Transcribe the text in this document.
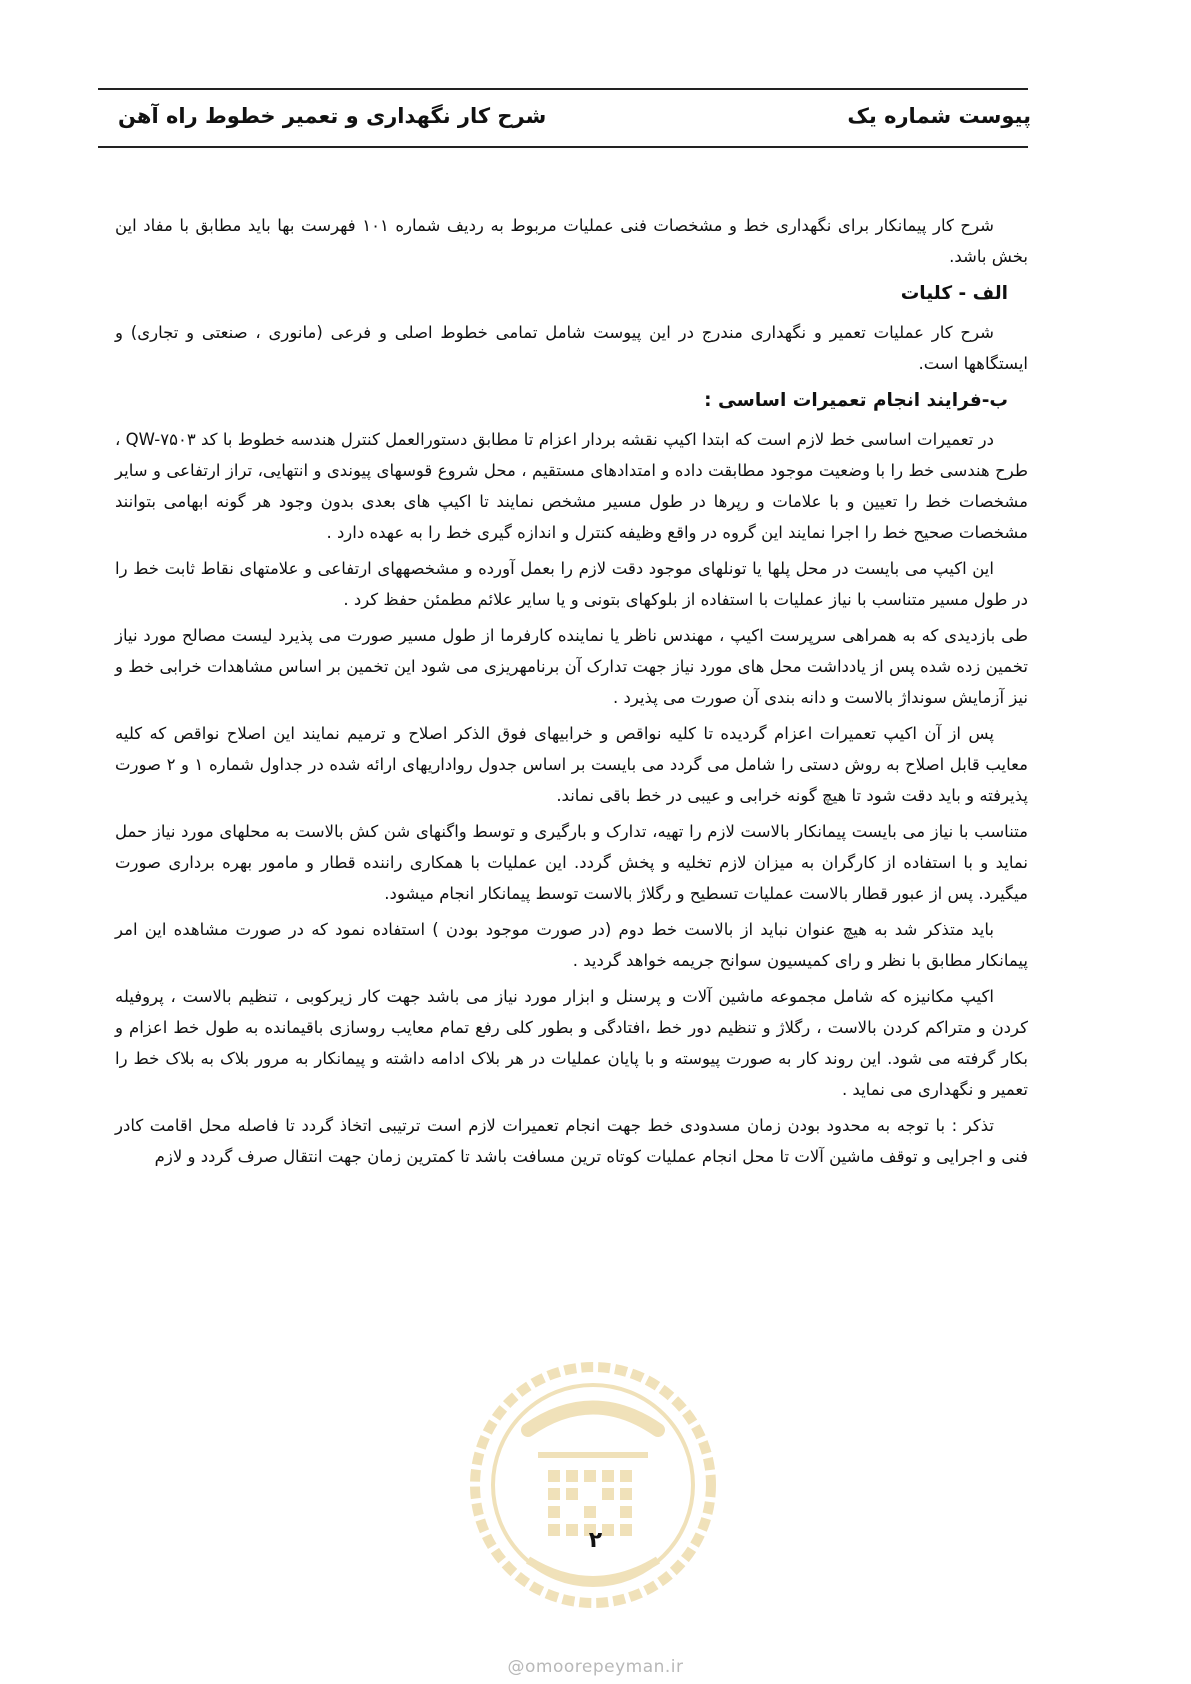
پیوست شماره یک
شرح کار نگهداری و تعمیر خطوط راه آهن

شرح کار پیمانکار برای نگهداری خط و مشخصات فنی عملیات مربوط به ردیف شماره ۱۰۱ فهرست بها باید مطابق با مفاد این بخش باشد.

الف - کلیات

شرح کار عملیات تعمیر و نگهداری مندرج در این پیوست شامل تمامی خطوط اصلی و فرعی (مانوری ، صنعتی و تجاری) و ایستگاهها است.

ب-فرایند انجام تعمیرات اساسی :

در تعمیرات اساسی خط لازم است که ابتدا اکیپ نقشه بردار اعزام تا مطابق دستورالعمل کنترل هندسه خطوط با کد QW-۷۵۰۳ ، طرح هندسی خط را با وضعیت موجود مطابقت داده و امتدادهای مستقیم ، محل شروع قوسهای پیوندی و انتهایی، تراز ارتفاعی و سایر مشخصات خط را تعیین و با علامات و رپرها در طول مسیر مشخص نمایند تا اکیپ های بعدی بدون وجود هر گونه ابهامی بتوانند مشخصات صحیح خط را اجرا نمایند این گروه در واقع وظیفه کنترل و اندازه گیری خط را به عهده دارد .

این اکیپ می بایست در محل پلها یا تونلهای موجود دقت لازم را بعمل آورده و مشخصههای ارتفاعی و علامتهای نقاط ثابت خط را در طول مسیر متناسب با نیاز عملیات با استفاده از بلوکهای بتونی و یا سایر علائم مطمئن حفظ کرد .

طی بازدیدی که به همراهی سرپرست اکیپ ، مهندس ناظر یا نماینده کارفرما از طول مسیر صورت می پذیرد لیست مصالح مورد نیاز تخمین زده شده پس از یادداشت محل های مورد نیاز جهت تدارک آن برنامهریزی می شود این تخمین بر اساس مشاهدات خرابی خط و نیز آزمایش سونداژ بالاست و دانه بندی آن صورت می پذیرد .

پس از آن اکیپ تعمیرات اعزام گردیده تا کلیه نواقص و خرابیهای فوق الذکر اصلاح و ترمیم نمایند این اصلاح نواقص که کلیه معایب قابل اصلاح به روش دستی را شامل می گردد می بایست بر اساس جدول رواداریهای ارائه شده در جداول شماره ۱ و ۲ صورت پذیرفته و باید دقت شود تا هیچ گونه خرابی و عیبی در خط باقی نماند.

متناسب با نیاز می بایست پیمانکار بالاست لازم را تهیه، تدارک و بارگیری و توسط واگنهای شن کش بالاست به محلهای مورد نیاز حمل نماید و با استفاده از کارگران به میزان لازم تخلیه و پخش گردد. این عملیات با همکاری راننده قطار و مامور بهره برداری صورت میگیرد. پس از عبور قطار بالاست عملیات تسطیح و رگلاژ بالاست توسط پیمانکار انجام میشود.

باید متذکر شد به هیچ عنوان نباید از بالاست خط دوم (در صورت موجود بودن ) استفاده نمود که در صورت مشاهده این امر پیمانکار مطابق با نظر و رای کمیسیون سوانح جریمه خواهد گردید .

اکیپ مکانیزه که شامل مجموعه ماشین آلات و پرسنل و ابزار مورد نیاز می باشد جهت کار زیرکوبی ، تنظیم بالاست ، پروفیله کردن و متراکم کردن بالاست ، رگلاژ و تنظیم دور خط ،افتادگی و بطور کلی رفع تمام معایب روسازی باقیمانده به طول خط اعزام و بکار گرفته می شود. این روند کار به صورت پیوسته و با پایان عملیات در هر بلاک ادامه داشته و پیمانکار به مرور بلاک به بلاک خط را تعمیر و نگهداری می نماید .

تذکر : با توجه به محدود بودن زمان مسدودی خط جهت انجام تعمیرات لازم است ترتیبی اتخاذ گردد تا فاصله محل اقامت کادر فنی و اجرایی و توقف ماشین آلات تا محل انجام عملیات کوتاه ترین مسافت باشد تا کمترین زمان جهت انتقال صرف گردد و لازم

۲
@omoorepeyman.ir
